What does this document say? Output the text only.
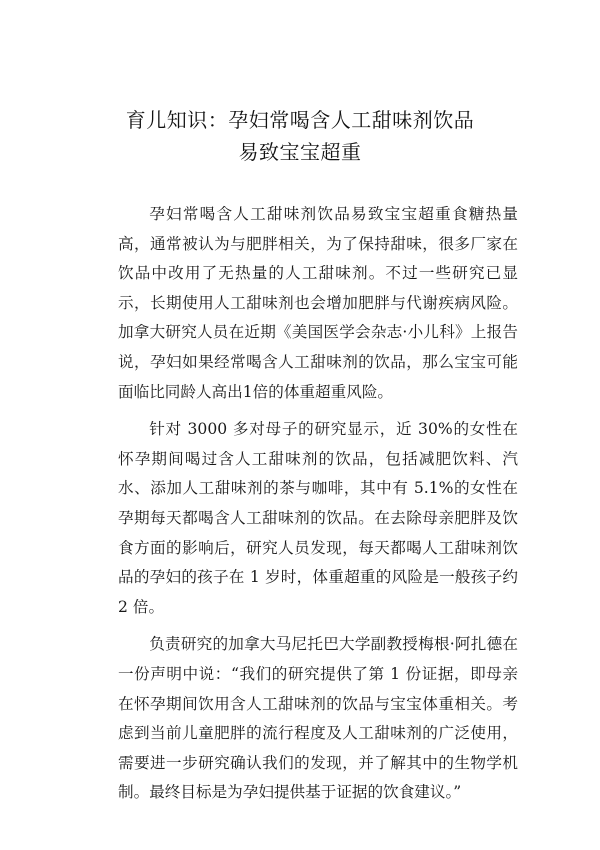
育儿知识：孕妇常喝含人工甜味剂饮品
易致宝宝超重

孕妇常喝含人工甜味剂饮品易致宝宝超重食糖热量高，通常被认为与肥胖相关，为了保持甜味，很多厂家在饮品中改用了无热量的人工甜味剂。不过一些研究已显示，长期使用人工甜味剂也会增加肥胖与代谢疾病风险。加拿大研究人员在近期《美国医学会杂志·小儿科》上报告说，孕妇如果经常喝含人工甜味剂的饮品，那么宝宝可能面临比同龄人高出1倍的体重超重风险。

针对 3000 多对母子的研究显示，近 30%的女性在怀孕期间喝过含人工甜味剂的饮品，包括减肥饮料、汽水、添加人工甜味剂的茶与咖啡，其中有 5.1%的女性在孕期每天都喝含人工甜味剂的饮品。在去除母亲肥胖及饮食方面的影响后，研究人员发现，每天都喝人工甜味剂饮品的孕妇的孩子在 1 岁时，体重超重的风险是一般孩子约 2 倍。

负责研究的加拿大马尼托巴大学副教授梅根·阿扎德在一份声明中说：“我们的研究提供了第 1 份证据，即母亲在怀孕期间饮用含人工甜味剂的饮品与宝宝体重相关。考虑到当前儿童肥胖的流行程度及人工甜味剂的广泛使用，需要进一步研究确认我们的发现，并了解其中的生物学机制。最终目标是为孕妇提供基于证据的饮食建议。”
